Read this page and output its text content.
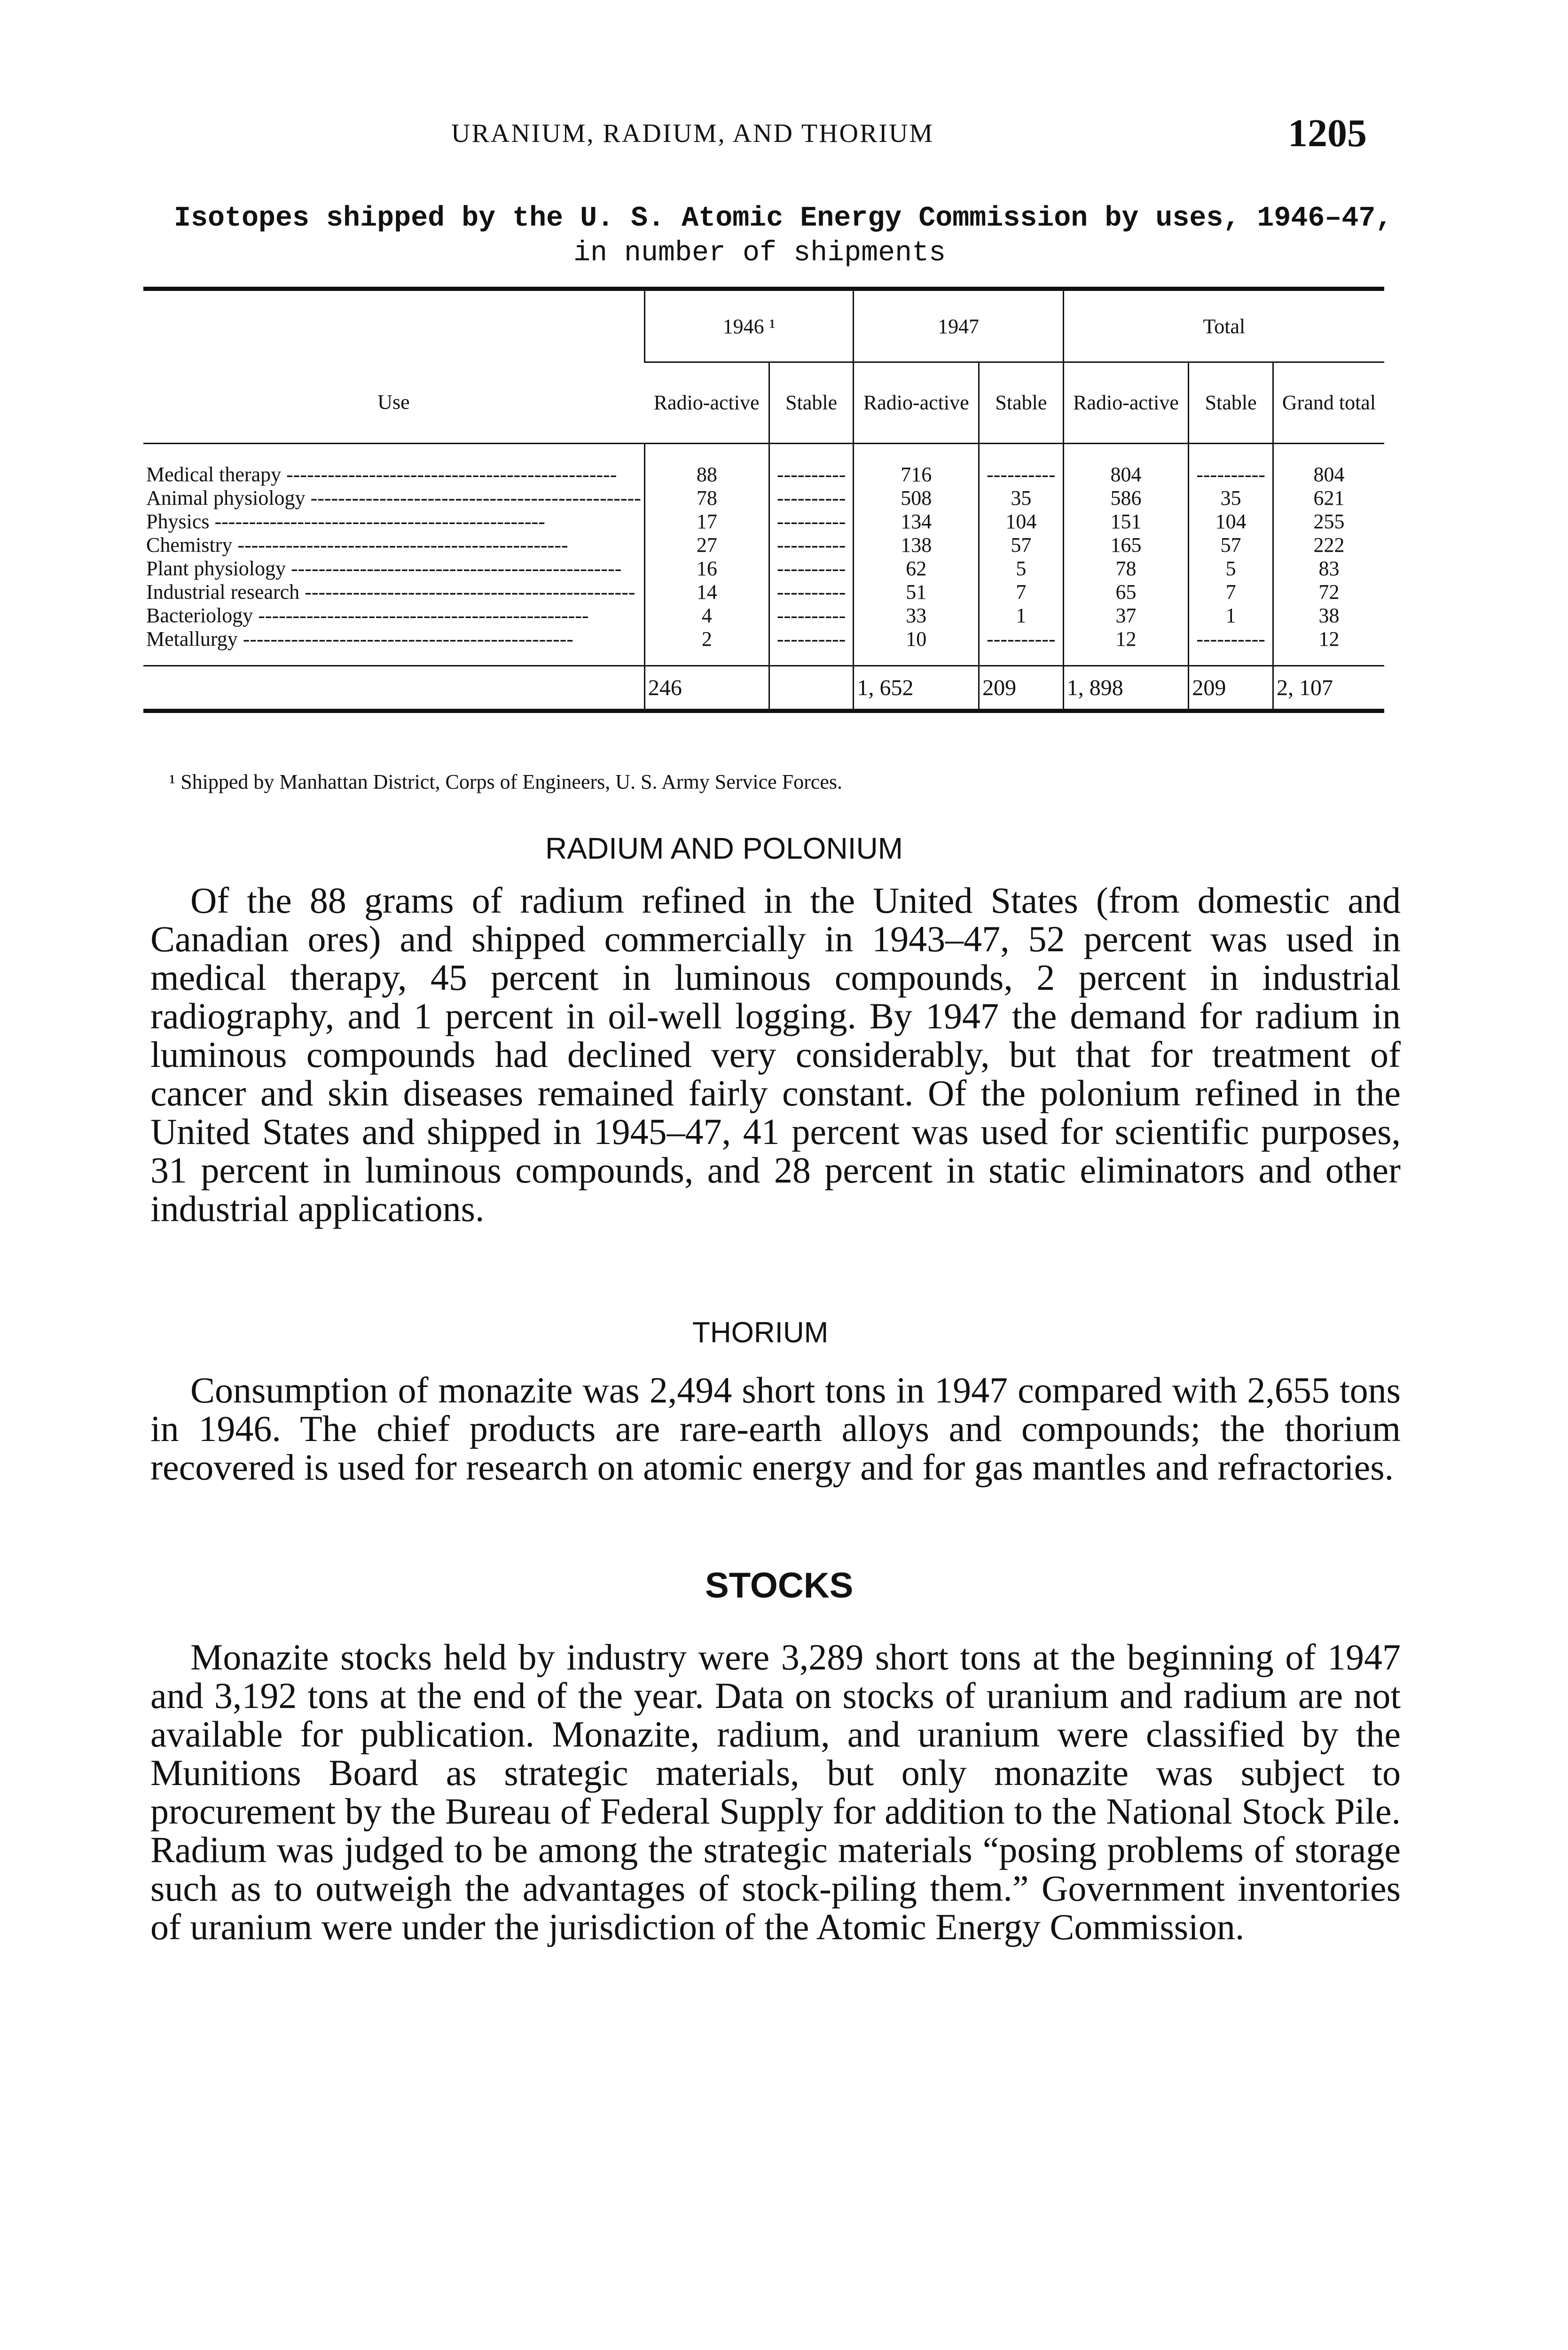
URANIUM, RADIUM, AND THORIUM	1205
Isotopes shipped by the U. S. Atomic Energy Commission by uses, 1946–47,
in number of shipments
Use	1946 ¹		1947		Total		
	Radio-active	Stable	Radio-active	Stable	Radio-active	Stable	Grand total
Medical therapy -----	88	-----	716	-----	804	-----	804
Animal physiology -----	78	-----	508	35	586	35	621
Physics -----	17	-----	134	104	151	104	255
Chemistry -----	27	-----	138	57	165	57	222
Plant physiology -----	16	-----	62	5	78	5	83
Industrial research -----	14	-----	51	7	65	7	72
Bacteriology -----	4	-----	33	1	37	1	38
Metallurgy -----	2	-----	10	-----	12	-----	12
	246		1, 652	209	1, 898	209	2, 107
¹ Shipped by Manhattan District, Corps of Engineers, U. S. Army Service Forces.
RADIUM AND POLONIUM
Of the 88 grams of radium refined in the United States (from domestic and Canadian ores) and shipped commercially in 1943–47, 52 percent was used in medical therapy, 45 percent in luminous compounds, 2 percent in industrial radiography, and 1 percent in oil-well logging. By 1947 the demand for radium in luminous compounds had declined very considerably, but that for treatment of cancer and skin diseases remained fairly constant. Of the polonium refined in the United States and shipped in 1945–47, 41 percent was used for scientific purposes, 31 percent in luminous compounds, and 28 percent in static eliminators and other industrial applications.
THORIUM
Consumption of monazite was 2,494 short tons in 1947 compared with 2,655 tons in 1946. The chief products are rare-earth alloys and compounds; the thorium recovered is used for research on atomic energy and for gas mantles and refractories.
STOCKS
Monazite stocks held by industry were 3,289 short tons at the beginning of 1947 and 3,192 tons at the end of the year. Data on stocks of uranium and radium are not available for publication. Monazite, radium, and uranium were classified by the Munitions Board as strategic materials, but only monazite was subject to procurement by the Bureau of Federal Supply for addition to the National Stock Pile. Radium was judged to be among the strategic materials “posing problems of storage such as to outweigh the advantages of stock-piling them.” Government inventories of uranium were under the jurisdiction of the Atomic Energy Commission.
